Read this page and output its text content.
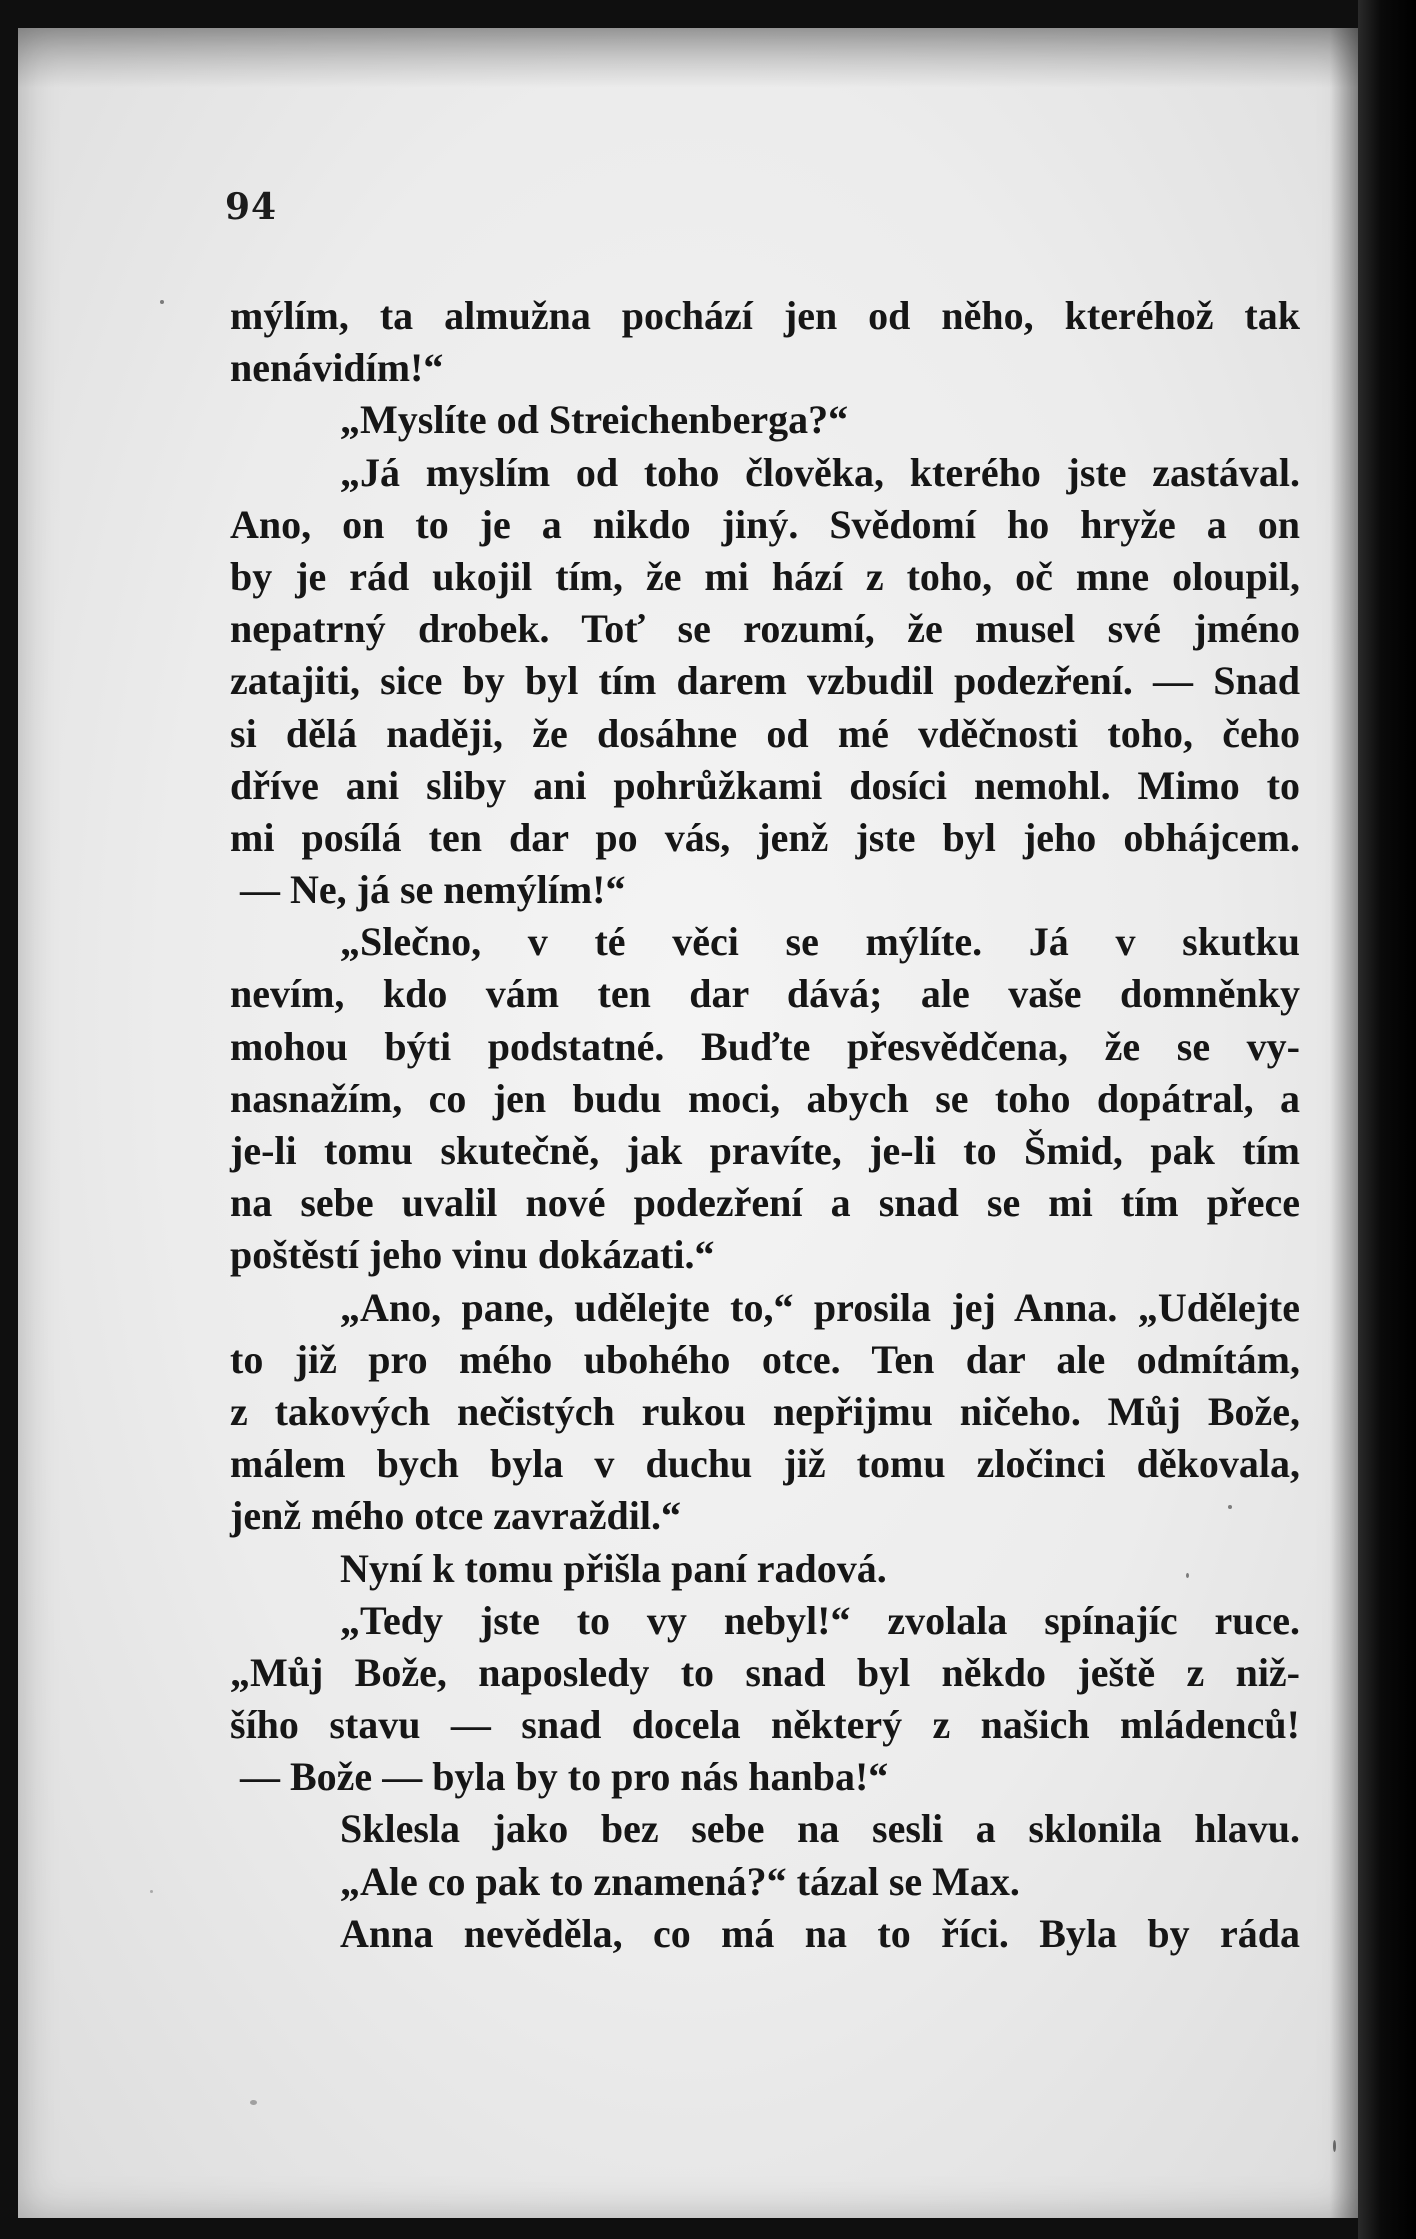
94
mýlím, ta almužna pochází jen od něho, kteréhož tak
nenávidím!“
„Myslíte od Streichenberga?“
„Já myslím od toho člověka, kterého jste zastával.
Ano, on to je a nikdo jiný. Svědomí ho hryže a on
by je rád ukojil tím, že mi hází z toho, oč mne oloupil,
nepatrný drobek. Toť se rozumí, že musel své jméno
zatajiti, sice by byl tím darem vzbudil podezření. — Snad
si dělá naději, že dosáhne od mé vděčnosti toho, čeho
dříve ani sliby ani pohrůžkami dosíci nemohl. Mimo to
mi posílá ten dar po vás, jenž jste byl jeho obhájcem.
— Ne, já se nemýlím!“
„Slečno, v té věci se mýlíte. Já v skutku
nevím, kdo vám ten dar dává; ale vaše domněnky
mohou býti podstatné. Buďte přesvědčena, že se vy-
nasnažím, co jen budu moci, abych se toho dopátral, a
je-li tomu skutečně, jak pravíte, je-li to Šmid, pak tím
na sebe uvalil nové podezření a snad se mi tím přece
poštěstí jeho vinu dokázati.“
„Ano, pane, udělejte to,“ prosila jej Anna. „Udělejte
to již pro mého ubohého otce. Ten dar ale odmítám,
z takových nečistých rukou nepřijmu ničeho. Můj Bože,
málem bych byla v duchu již tomu zločinci děkovala,
jenž mého otce zavraždil.“
Nyní k tomu přišla paní radová.
„Tedy jste to vy nebyl!“ zvolala spínajíc ruce.
„Můj Bože, naposledy to snad byl někdo ještě z niž-
šího stavu — snad docela některý z našich mládenců!
— Bože — byla by to pro nás hanba!“
Sklesla jako bez sebe na sesli a sklonila hlavu.
„Ale co pak to znamená?“ tázal se Max.
Anna nevěděla, co má na to říci. Byla by ráda
